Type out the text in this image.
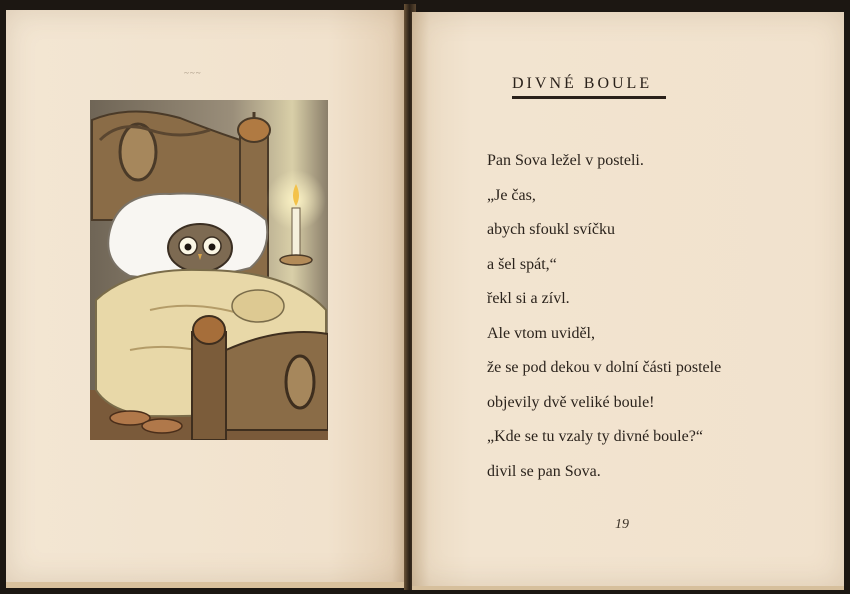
~~~
DIVNÉ BOULE
Pan Sova ležel v posteli.
„Je čas,
abych sfoukl svíčku
a šel spát,“
řekl si a zívl.
Ale vtom uviděl,
že se pod dekou v dolní části postele
objevily dvě veliké boule!
„Kde se tu vzaly ty divné boule?“
divil se pan Sova.
19
